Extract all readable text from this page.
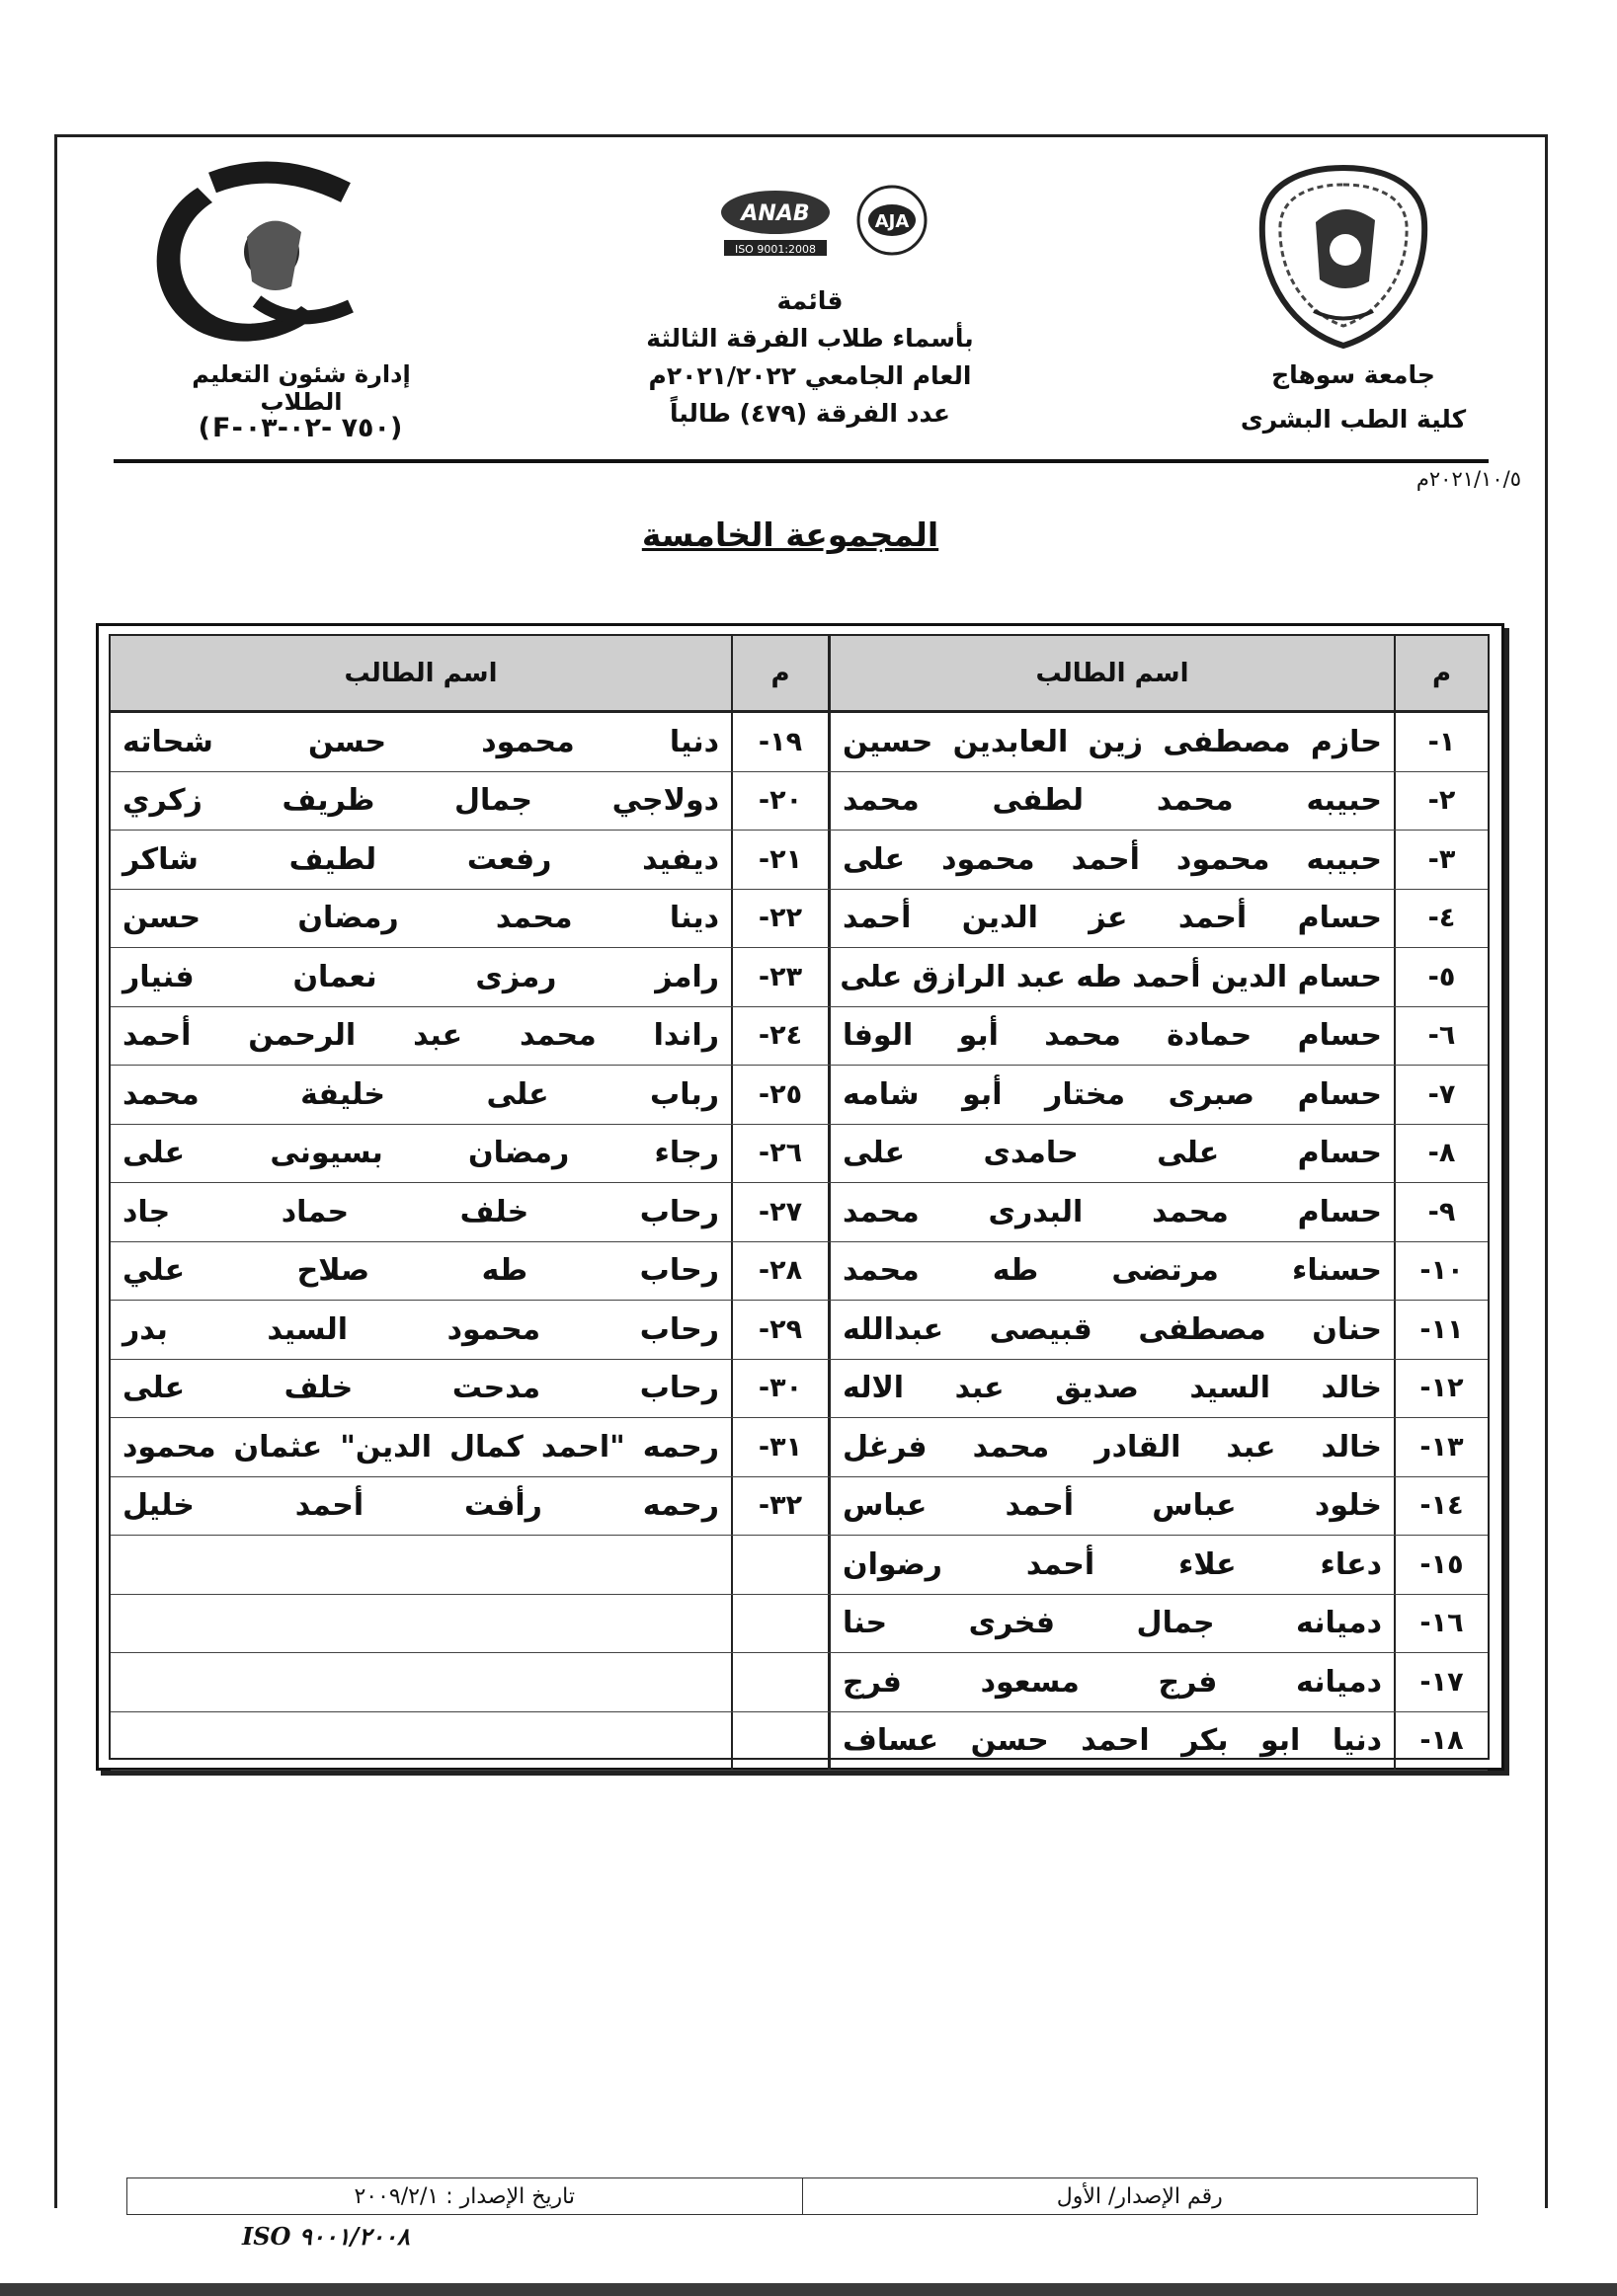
ANAB
ISO 9001:2008
AJA
إدارة شئون التعليم الطلاب
(F-٧٥٠ -٠٢-٠٣)
جامعة سوهاج
كلية الطب البشرى
قائمة
بأسماء طلاب الفرقة الثالثة
العام الجامعي ٢٠٢١/٢٠٢٢م
عدد الفرقة (٤٧٩) طالباً
٢٠٢١/١٠/٥م
المجموعة الخامسة
م
اسم الطالب
م
اسم الطالب
١-
حازم مصطفى زين العابدين حسين
١٩-
دنيا محمود حسن شحاته
٢-
حبيبه محمد لطفى محمد
٢٠-
دولاجي جمال ظريف زكري
٣-
حبيبه محمود أحمد محمود على
٢١-
ديفيد رفعت لطيف شاكر
٤-
حسام أحمد عز الدين أحمد
٢٢-
دينا محمد رمضان حسن
٥-
حسام الدين أحمد طه عبد الرازق على
٢٣-
رامز رمزى نعمان فنيار
٦-
حسام حمادة محمد أبو الوفا
٢٤-
راندا محمد عبد الرحمن أحمد
٧-
حسام صبرى مختار أبو شامه
٢٥-
رباب على خليفة محمد
٨-
حسام على حامدى على
٢٦-
رجاء رمضان بسيونى على
٩-
حسام محمد البدرى محمد
٢٧-
رحاب خلف حماد جاد
١٠-
حسناء مرتضى طه محمد
٢٨-
رحاب طه صلاح علي
١١-
حنان مصطفى قبيصى عبدالله
٢٩-
رحاب محمود السيد بدر
١٢-
خالد السيد صديق عبد الاله
٣٠-
رحاب مدحت خلف على
١٣-
خالد عبد القادر محمد فرغل
٣١-
رحمه "احمد كمال الدين" عثمان محمود
١٤-
خلود عباس أحمد عباس
٣٢-
رحمه رأفت أحمد خليل
١٥-
دعاء علاء أحمد رضوان
١٦-
دميانه جمال فخرى حنا
١٧-
دميانه فرج مسعود فرج
١٨-
دنيا ابو بكر احمد حسن عساف
رقم الإصدار/ الأول
تاريخ الإصدار : ٢٠٠٩/٢/١
ISO ٩٠٠١/٢٠٠٨
